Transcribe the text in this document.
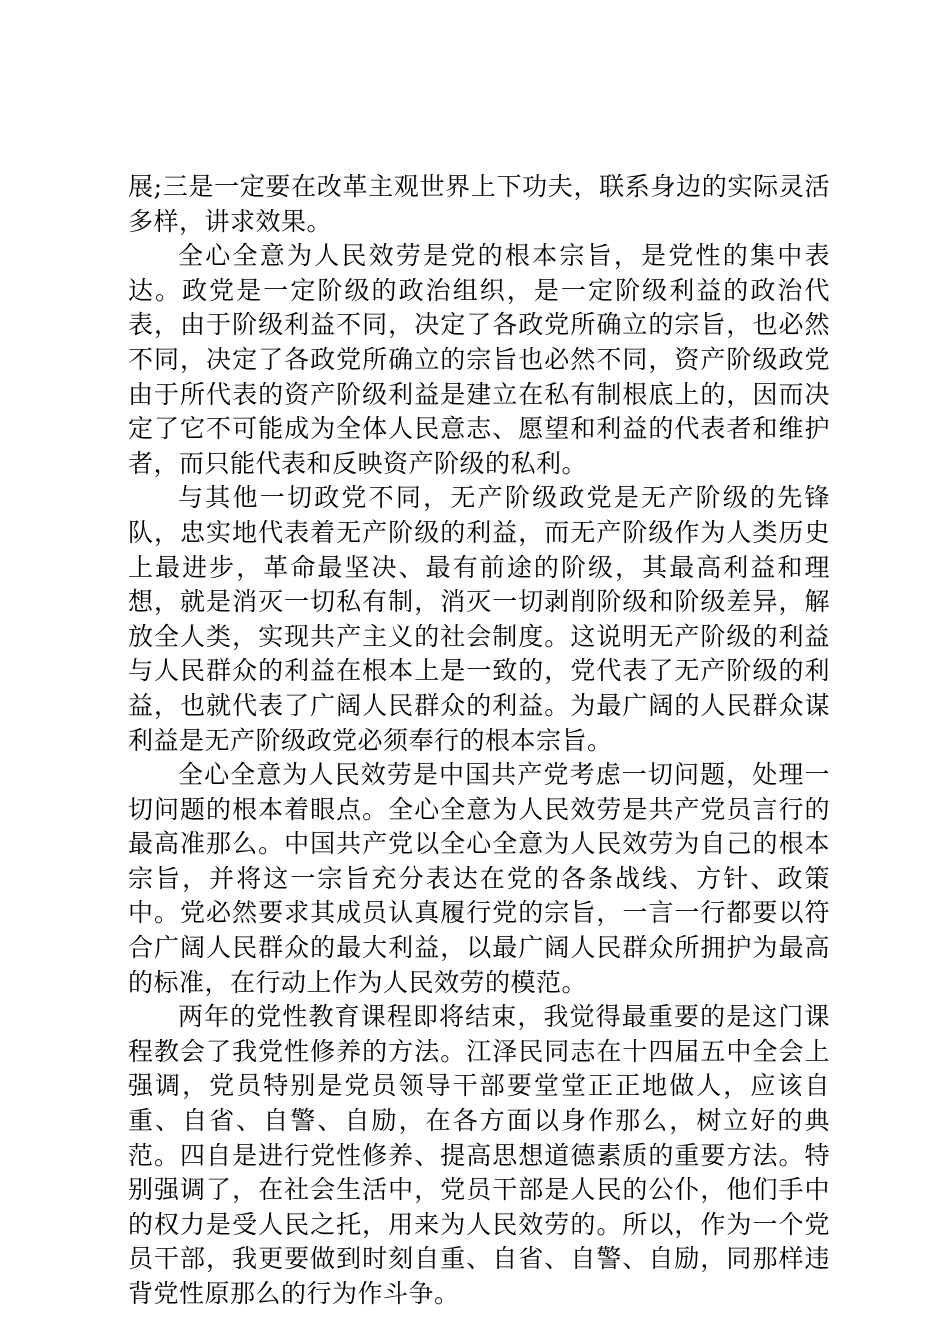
展;三是一定要在改革主观世界上下功夫，联系身边的实际灵活多样，讲求效果。

全心全意为人民效劳是党的根本宗旨，是党性的集中表达。政党是一定阶级的政治组织，是一定阶级利益的政治代表，由于阶级利益不同，决定了各政党所确立的宗旨，也必然不同，决定了各政党所确立的宗旨也必然不同，资产阶级政党由于所代表的资产阶级利益是建立在私有制根底上的，因而决定了它不可能成为全体人民意志、愿望和利益的代表者和维护者，而只能代表和反映资产阶级的私利。

与其他一切政党不同，无产阶级政党是无产阶级的先锋队，忠实地代表着无产阶级的利益，而无产阶级作为人类历史上最进步，革命最坚决、最有前途的阶级，其最高利益和理想，就是消灭一切私有制，消灭一切剥削阶级和阶级差异，解放全人类，实现共产主义的社会制度。这说明无产阶级的利益与人民群众的利益在根本上是一致的，党代表了无产阶级的利益，也就代表了广阔人民群众的利益。为最广阔的人民群众谋利益是无产阶级政党必须奉行的根本宗旨。

全心全意为人民效劳是中国共产党考虑一切问题，处理一切问题的根本着眼点。全心全意为人民效劳是共产党员言行的最高准那么。中国共产党以全心全意为人民效劳为自己的根本宗旨，并将这一宗旨充分表达在党的各条战线、方针、政策中。党必然要求其成员认真履行党的宗旨，一言一行都要以符合广阔人民群众的最大利益，以最广阔人民群众所拥护为最高的标准，在行动上作为人民效劳的模范。

两年的党性教育课程即将结束，我觉得最重要的是这门课程教会了我党性修养的方法。江泽民同志在十四届五中全会上强调，党员特别是党员领导干部要堂堂正正地做人，应该自重、自省、自警、自励，在各方面以身作那么，树立好的典范。四自是进行党性修养、提高思想道德素质的重要方法。特别强调了，在社会生活中，党员干部是人民的公仆，他们手中的权力是受人民之托，用来为人民效劳的。所以，作为一个党员干部，我更要做到时刻自重、自省、自警、自励，同那样违背党性原那么的行为作斗争。
